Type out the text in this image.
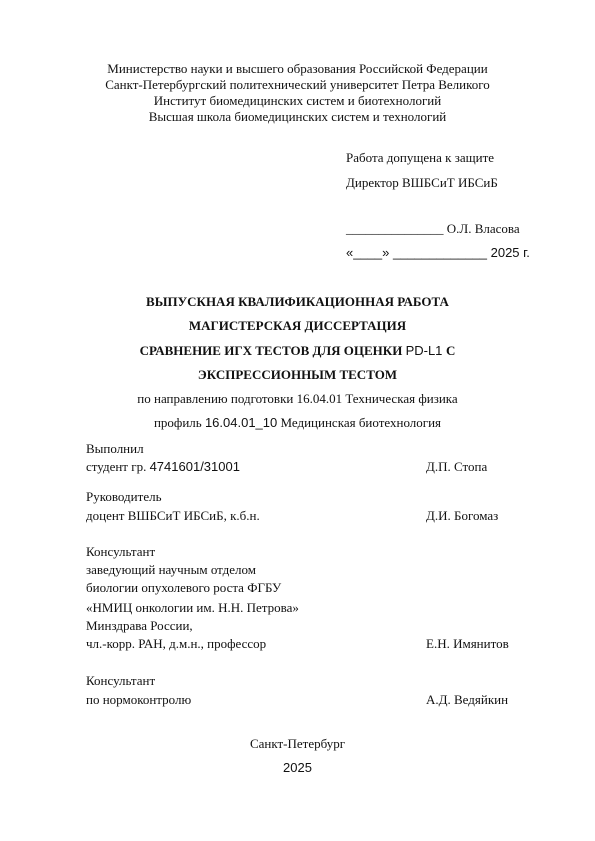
Министерство науки и высшего образования Российской Федерации
Санкт-Петербургский политехнический университет Петра Великого
Институт биомедицинских систем и биотехнологий
Высшая школа биомедицинских систем и технологий
Работа допущена к защите
Директор ВШБСиТ ИБСиБ
_______________ О.Л. Власова
«____» _____________ 2025 г.
ВЫПУСКНАЯ КВАЛИФИКАЦИОННАЯ РАБОТА
МАГИСТЕРСКАЯ ДИССЕРТАЦИЯ
СРАВНЕНИЕ ИГХ ТЕСТОВ ДЛЯ ОЦЕНКИ PD-L1 С
ЭКСПРЕССИОННЫМ ТЕСТОМ
по направлению подготовки 16.04.01 Техническая физика
профиль 16.04.01_10 Медицинская биотехнология
Выполнил
студент гр. 4741601/31001	Д.П. Стопа
Руководитель
доцент ВШБСиТ ИБСиБ, к.б.н.	Д.И. Богомаз
Консультант
заведующий научным отделом
биологии опухолевого роста ФГБУ
«НМИЦ онкологии им. Н.Н. Петрова»
Минздрава России,
чл.-корр. РАН, д.м.н., профессор	Е.Н. Имянитов
Консультант
по нормоконтролю	А.Д. Ведяйкин
Санкт-Петербург
2025
